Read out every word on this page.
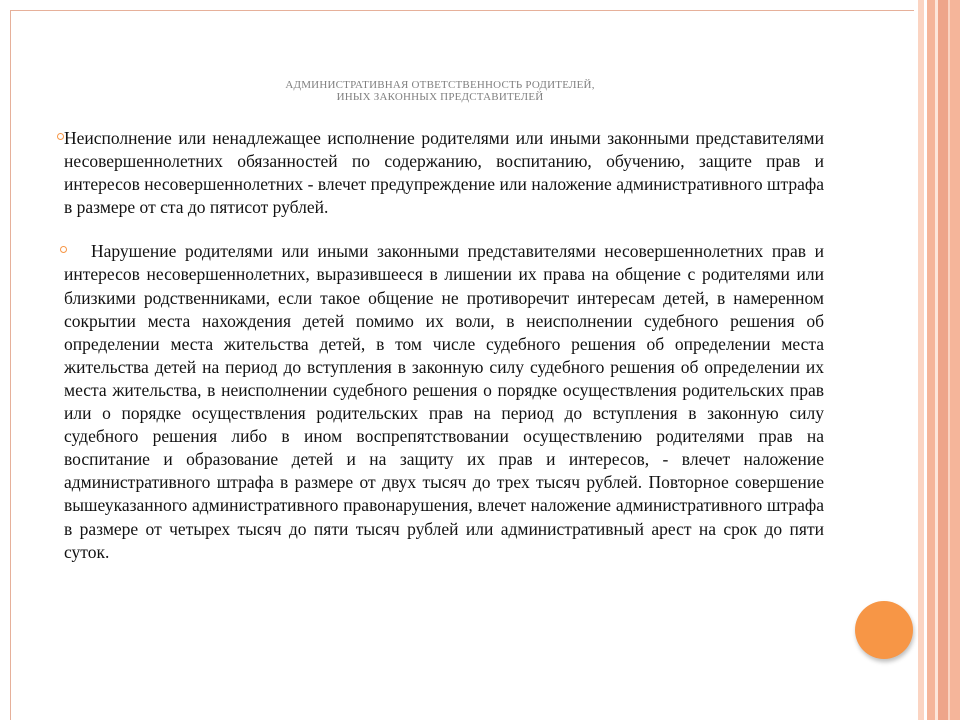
АДМИНИСТРАТИВНАЯ ОТВЕТСТВЕННОСТЬ РОДИТЕЛЕЙ,
ИНЫХ ЗАКОННЫХ ПРЕДСТАВИТЕЛЕЙ

Неисполнение или ненадлежащее исполнение родителями или иными законными представителями несовершеннолетних обязанностей по содержанию, воспитанию, обучению, защите прав и интересов несовершеннолетних - влечет предупреждение или наложение административного штрафа в размере от ста до пятисот рублей.

Нарушение родителями или иными законными представителями несовершеннолетних прав и интересов несовершеннолетних, выразившееся в лишении их права на общение с родителями или близкими родственниками, если такое общение не противоречит интересам детей, в намеренном сокрытии места нахождения детей помимо их воли, в неисполнении судебного решения об определении места жительства детей, в том числе судебного решения об определении места жительства детей на период до вступления в законную силу судебного решения об определении их места жительства, в неисполнении судебного решения о порядке осуществления родительских прав или о порядке осуществления родительских прав на период до вступления в законную силу судебного решения либо в ином воспрепятствовании осуществлению родителями прав на воспитание и образование детей и на защиту их прав и интересов, - влечет наложение административного штрафа в размере от двух тысяч до трех тысяч рублей. Повторное совершение вышеуказанного административного правонарушения, влечет наложение административного штрафа в размере от четырех тысяч до пяти тысяч рублей или административный арест на срок до пяти суток.
